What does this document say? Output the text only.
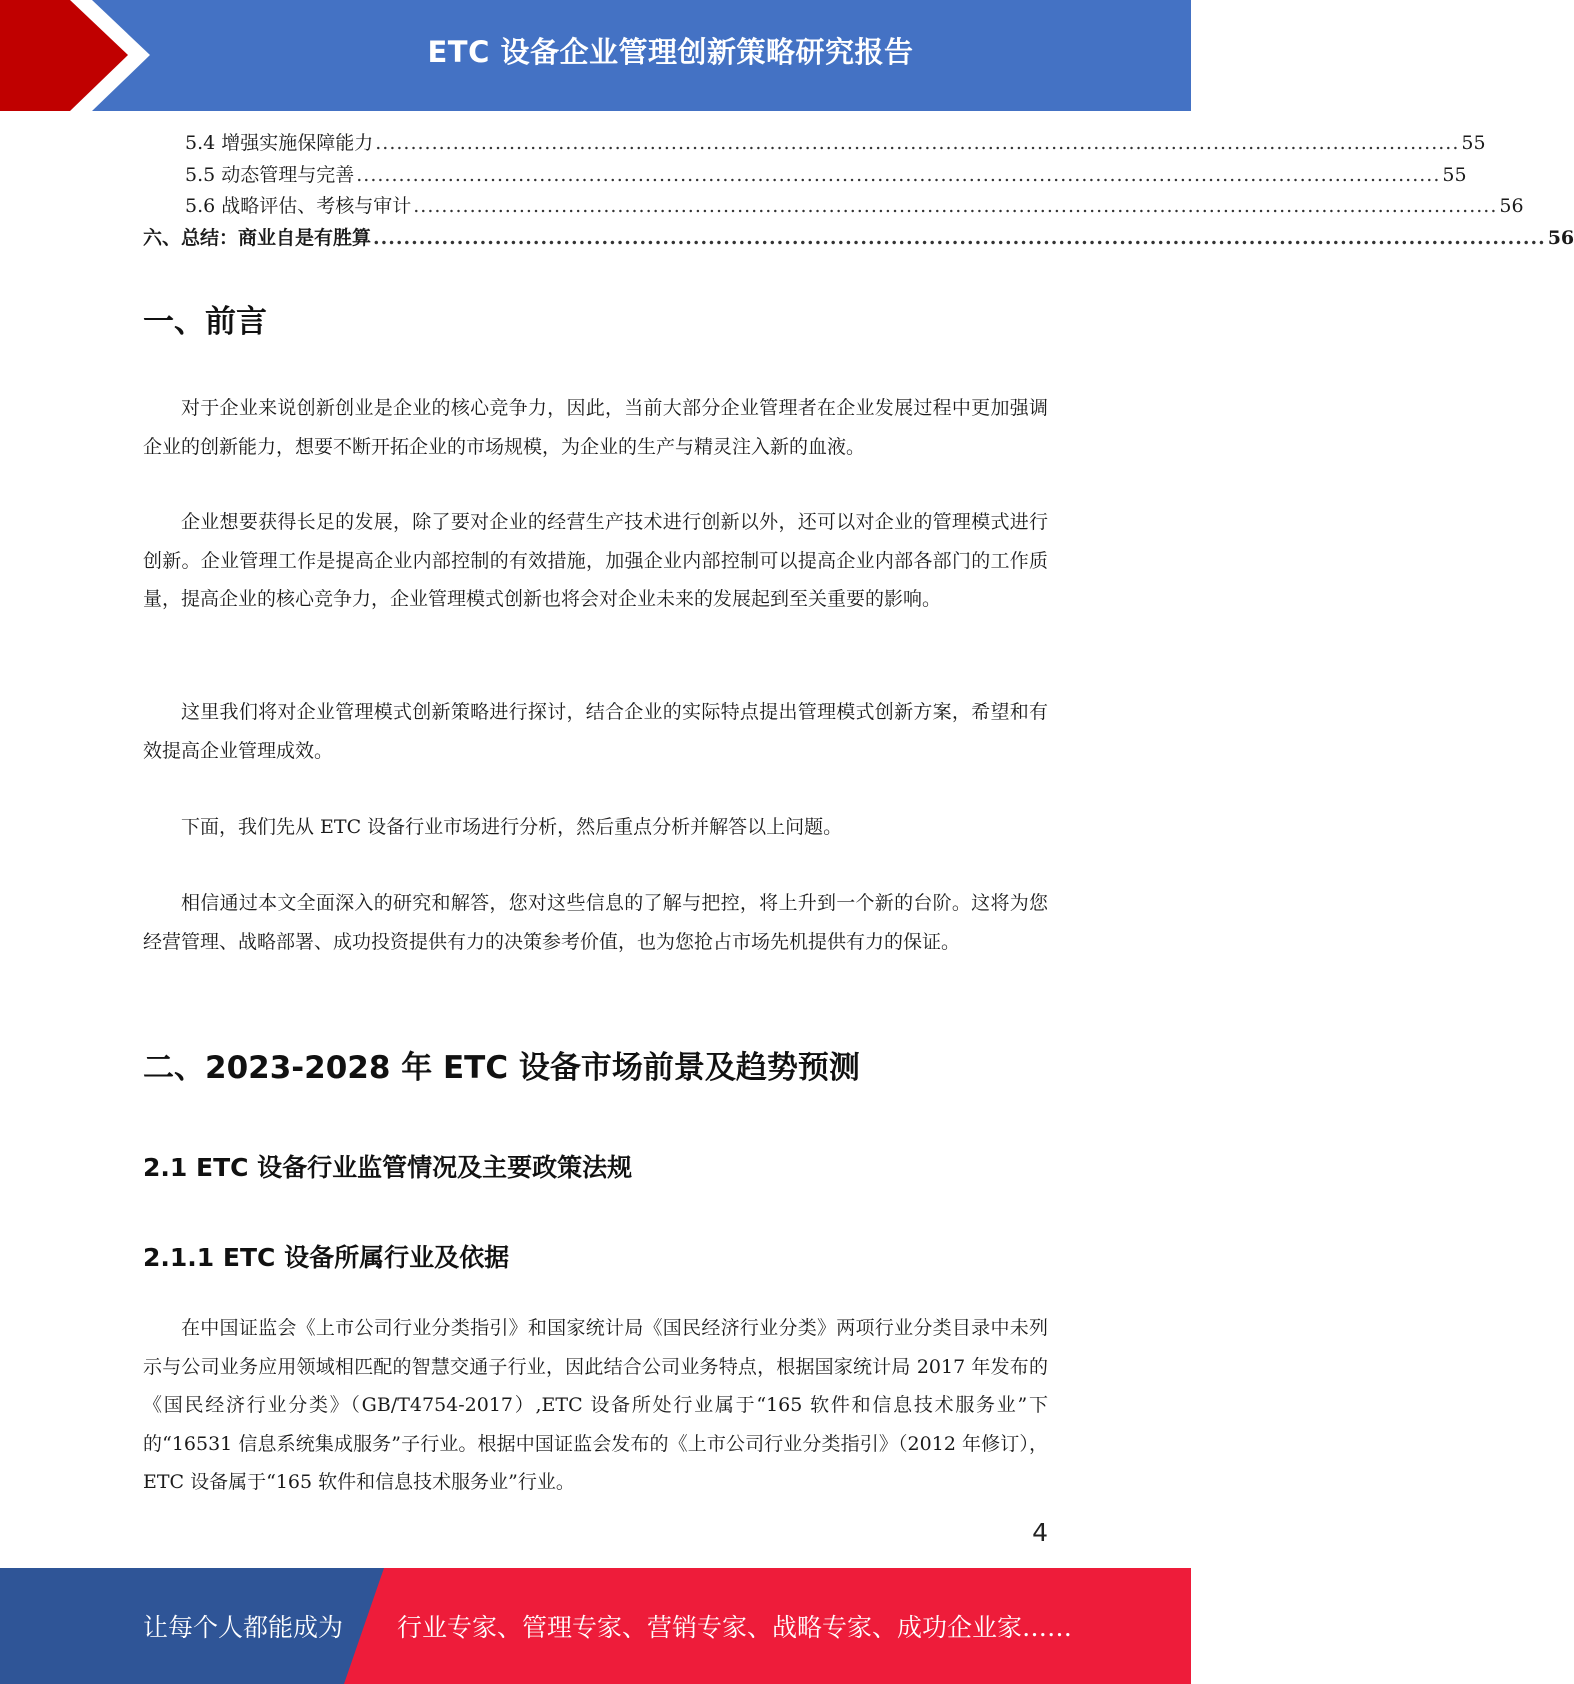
ETC 设备企业管理创新策略研究报告
5.4 增强实施保障能力 .......................................................................................................................................................... 55
5.5 动态管理与完善 .......................................................................................................................................................... 55
5.6 战略评估、考核与审计 .......................................................................................................................................................... 56
六、总结：商业自是有胜算 .......................................................................................................................................................... 56
一、前言
对于企业来说创新创业是企业的核心竞争力，因此，当前大部分企业管理者在企业发展过程中更加强调企业的创新能力，想要不断开拓企业的市场规模，为企业的生产与精灵注入新的血液。
企业想要获得长足的发展，除了要对企业的经营生产技术进行创新以外，还可以对企业的管理模式进行创新。企业管理工作是提高企业内部控制的有效措施，加强企业内部控制可以提高企业内部各部门的工作质量，提高企业的核心竞争力，企业管理模式创新也将会对企业未来的发展起到至关重要的影响。
这里我们将对企业管理模式创新策略进行探讨，结合企业的实际特点提出管理模式创新方案，希望和有效提高企业管理成效。
下面，我们先从 ETC 设备行业市场进行分析，然后重点分析并解答以上问题。
相信通过本文全面深入的研究和解答，您对这些信息的了解与把控，将上升到一个新的台阶。这将为您经营管理、战略部署、成功投资提供有力的决策参考价值，也为您抢占市场先机提供有力的保证。
二、2023-2028 年 ETC 设备市场前景及趋势预测
2.1 ETC 设备行业监管情况及主要政策法规
2.1.1 ETC 设备所属行业及依据
在中国证监会《上市公司行业分类指引》和国家统计局《国民经济行业分类》两项行业分类目录中未列示与公司业务应用领域相匹配的智慧交通子行业，因此结合公司业务特点，根据国家统计局 2017 年发布的《国民经济行业分类》（GB/T4754-2017）,ETC 设备所处行业属于“165 软件和信息技术服务业”下的“16531 信息系统集成服务”子行业。根据中国证监会发布的《上市公司行业分类指引》（2012 年修订），ETC 设备属于“165 软件和信息技术服务业”行业。
4
让每个人都能成为 行业专家、管理专家、营销专家、战略专家、成功企业家……
